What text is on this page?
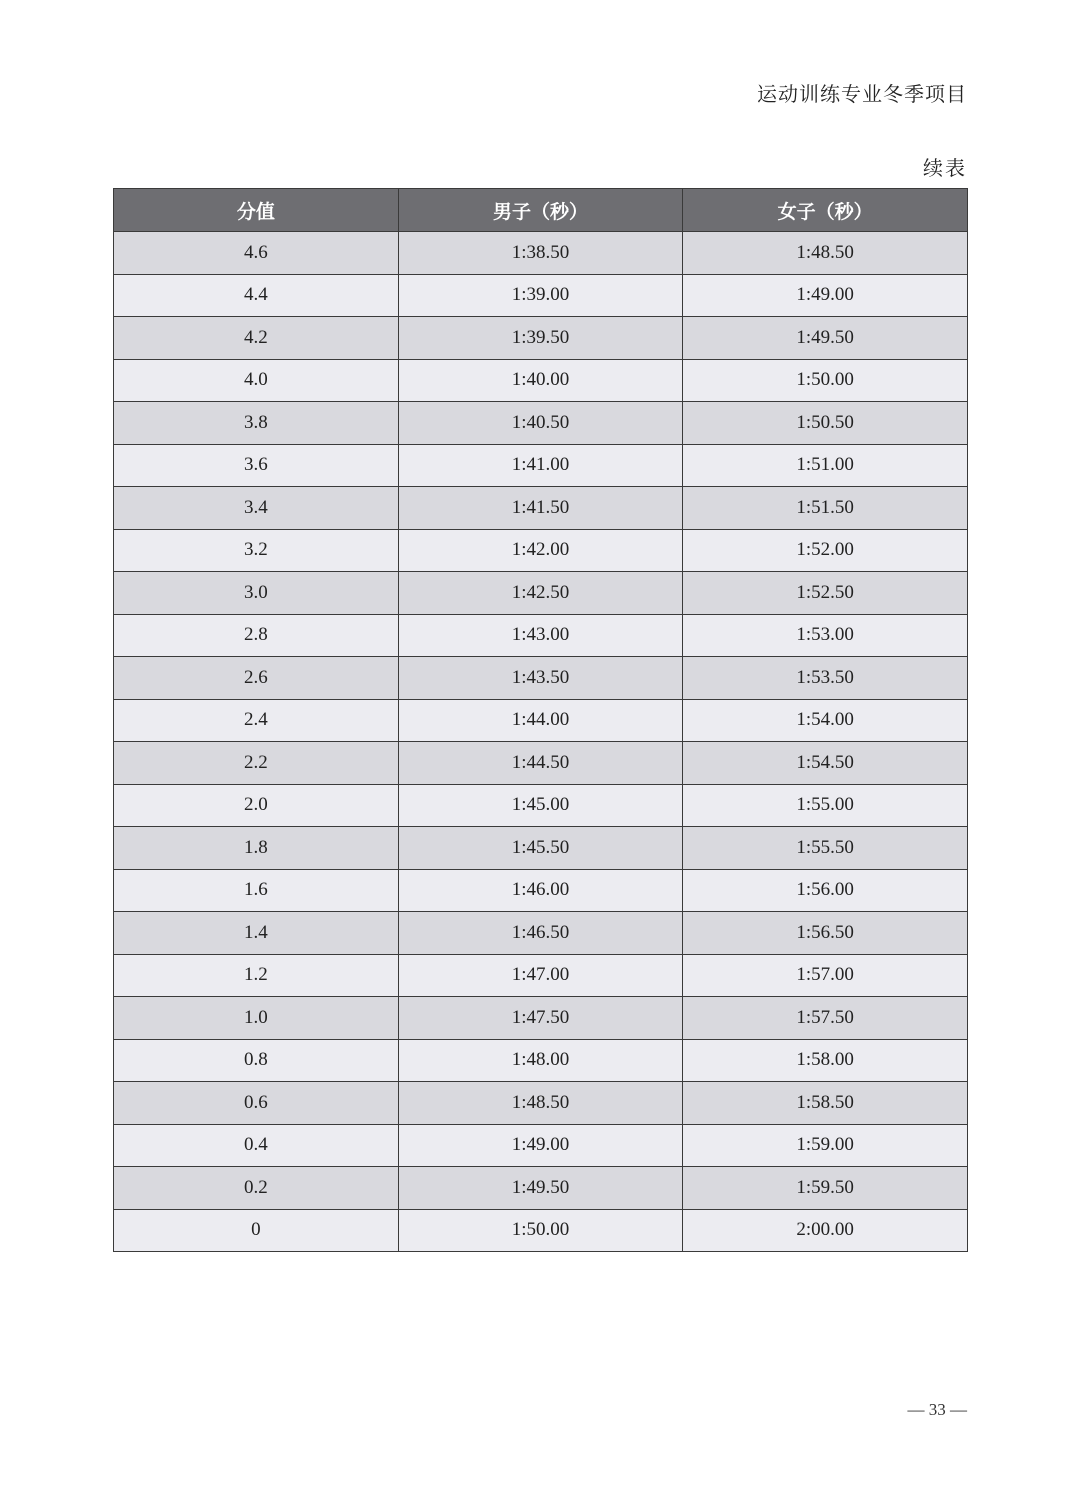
运动训练专业冬季项目
续表
分值	男子（秒）	女子（秒）
4.6	1:38.50	1:48.50
4.4	1:39.00	1:49.00
4.2	1:39.50	1:49.50
4.0	1:40.00	1:50.00
3.8	1:40.50	1:50.50
3.6	1:41.00	1:51.00
3.4	1:41.50	1:51.50
3.2	1:42.00	1:52.00
3.0	1:42.50	1:52.50
2.8	1:43.00	1:53.00
2.6	1:43.50	1:53.50
2.4	1:44.00	1:54.00
2.2	1:44.50	1:54.50
2.0	1:45.00	1:55.00
1.8	1:45.50	1:55.50
1.6	1:46.00	1:56.00
1.4	1:46.50	1:56.50
1.2	1:47.00	1:57.00
1.0	1:47.50	1:57.50
0.8	1:48.00	1:58.00
0.6	1:48.50	1:58.50
0.4	1:49.00	1:59.00
0.2	1:49.50	1:59.50
0	1:50.00	2:00.00
— 33 —
